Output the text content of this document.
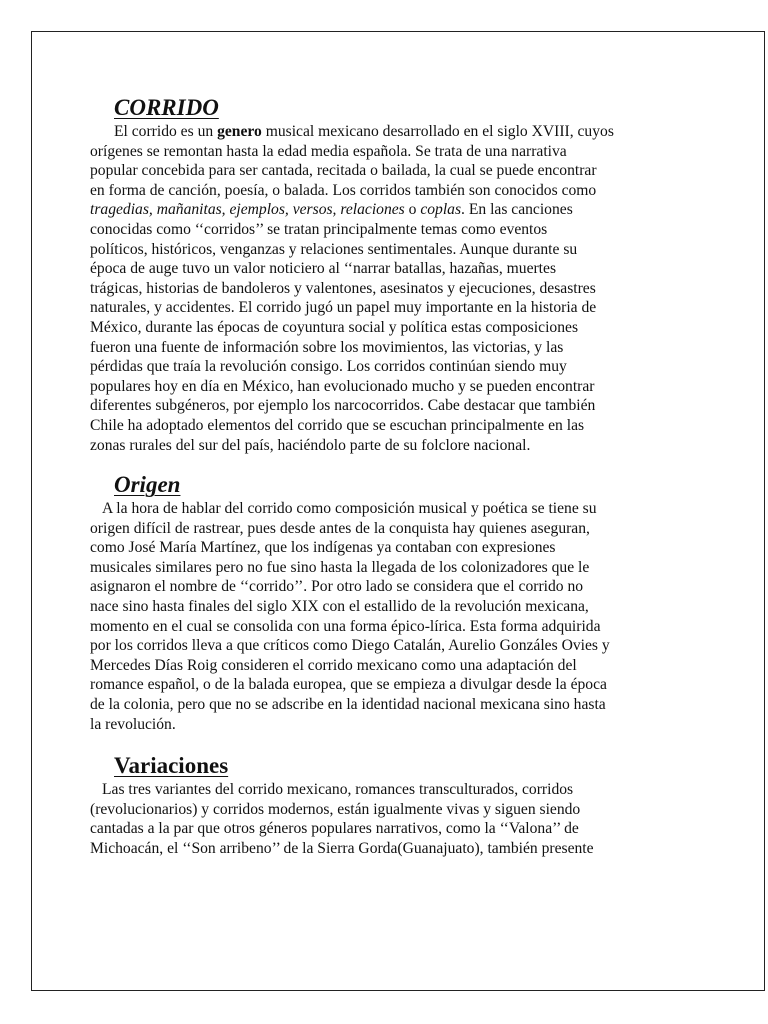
CORRIDO

El corrido es un genero musical mexicano desarrollado en el siglo XVIII, cuyos
orígenes se remontan hasta la edad media española. Se trata de una narrativa
popular concebida para ser cantada, recitada o bailada, la cual se puede encontrar
en forma de canción, poesía, o balada. Los corridos también son conocidos como
tragedias, mañanitas, ejemplos, versos, relaciones o coplas. En las canciones
conocidas como ‘‘corridos’’ se tratan principalmente temas como eventos
políticos, históricos, venganzas y relaciones sentimentales. Aunque durante su
época de auge tuvo un valor noticiero al ‘‘narrar batallas, hazañas, muertes
trágicas, historias de bandoleros y valentones, asesinatos y ejecuciones, desastres
naturales, y accidentes. El corrido jugó un papel muy importante en la historia de
México, durante las épocas de coyuntura social y política estas composiciones
fueron una fuente de información sobre los movimientos, las victorias, y las
pérdidas que traía la revolución consigo. Los corridos continúan siendo muy
populares hoy en día en México, han evolucionado mucho y se pueden encontrar
diferentes subgéneros, por ejemplo los narcocorridos. Cabe destacar que también
Chile ha adoptado elementos del corrido que se escuchan principalmente en las
zonas rurales del sur del país, haciéndolo parte de su folclore nacional.

Origen

A la hora de hablar del corrido como composición musical y poética se tiene su
origen difícil de rastrear, pues desde antes de la conquista hay quienes aseguran,
como José María Martínez, que los indígenas ya contaban con expresiones
musicales similares pero no fue sino hasta la llegada de los colonizadores que le
asignaron el nombre de ‘‘corrido’’. Por otro lado se considera que el corrido no
nace sino hasta finales del siglo XIX con el estallido de la revolución mexicana,
momento en el cual se consolida con una forma épico-lírica. Esta forma adquirida
por los corridos lleva a que críticos como Diego Catalán, Aurelio Gonzáles Ovies y
Mercedes Días Roig consideren el corrido mexicano como una adaptación del
romance español, o de la balada europea, que se empieza a divulgar desde la época
de la colonia, pero que no se adscribe en la identidad nacional mexicana sino hasta
la revolución.

Variaciones

Las tres variantes del corrido mexicano, romances transculturados, corridos
(revolucionarios) y corridos modernos, están igualmente vivas y siguen siendo
cantadas a la par que otros géneros populares narrativos, como la ‘‘Valona’’ de
Michoacán, el ‘‘Son arribeno’’ de la Sierra Gorda(Guanajuato), también presente
